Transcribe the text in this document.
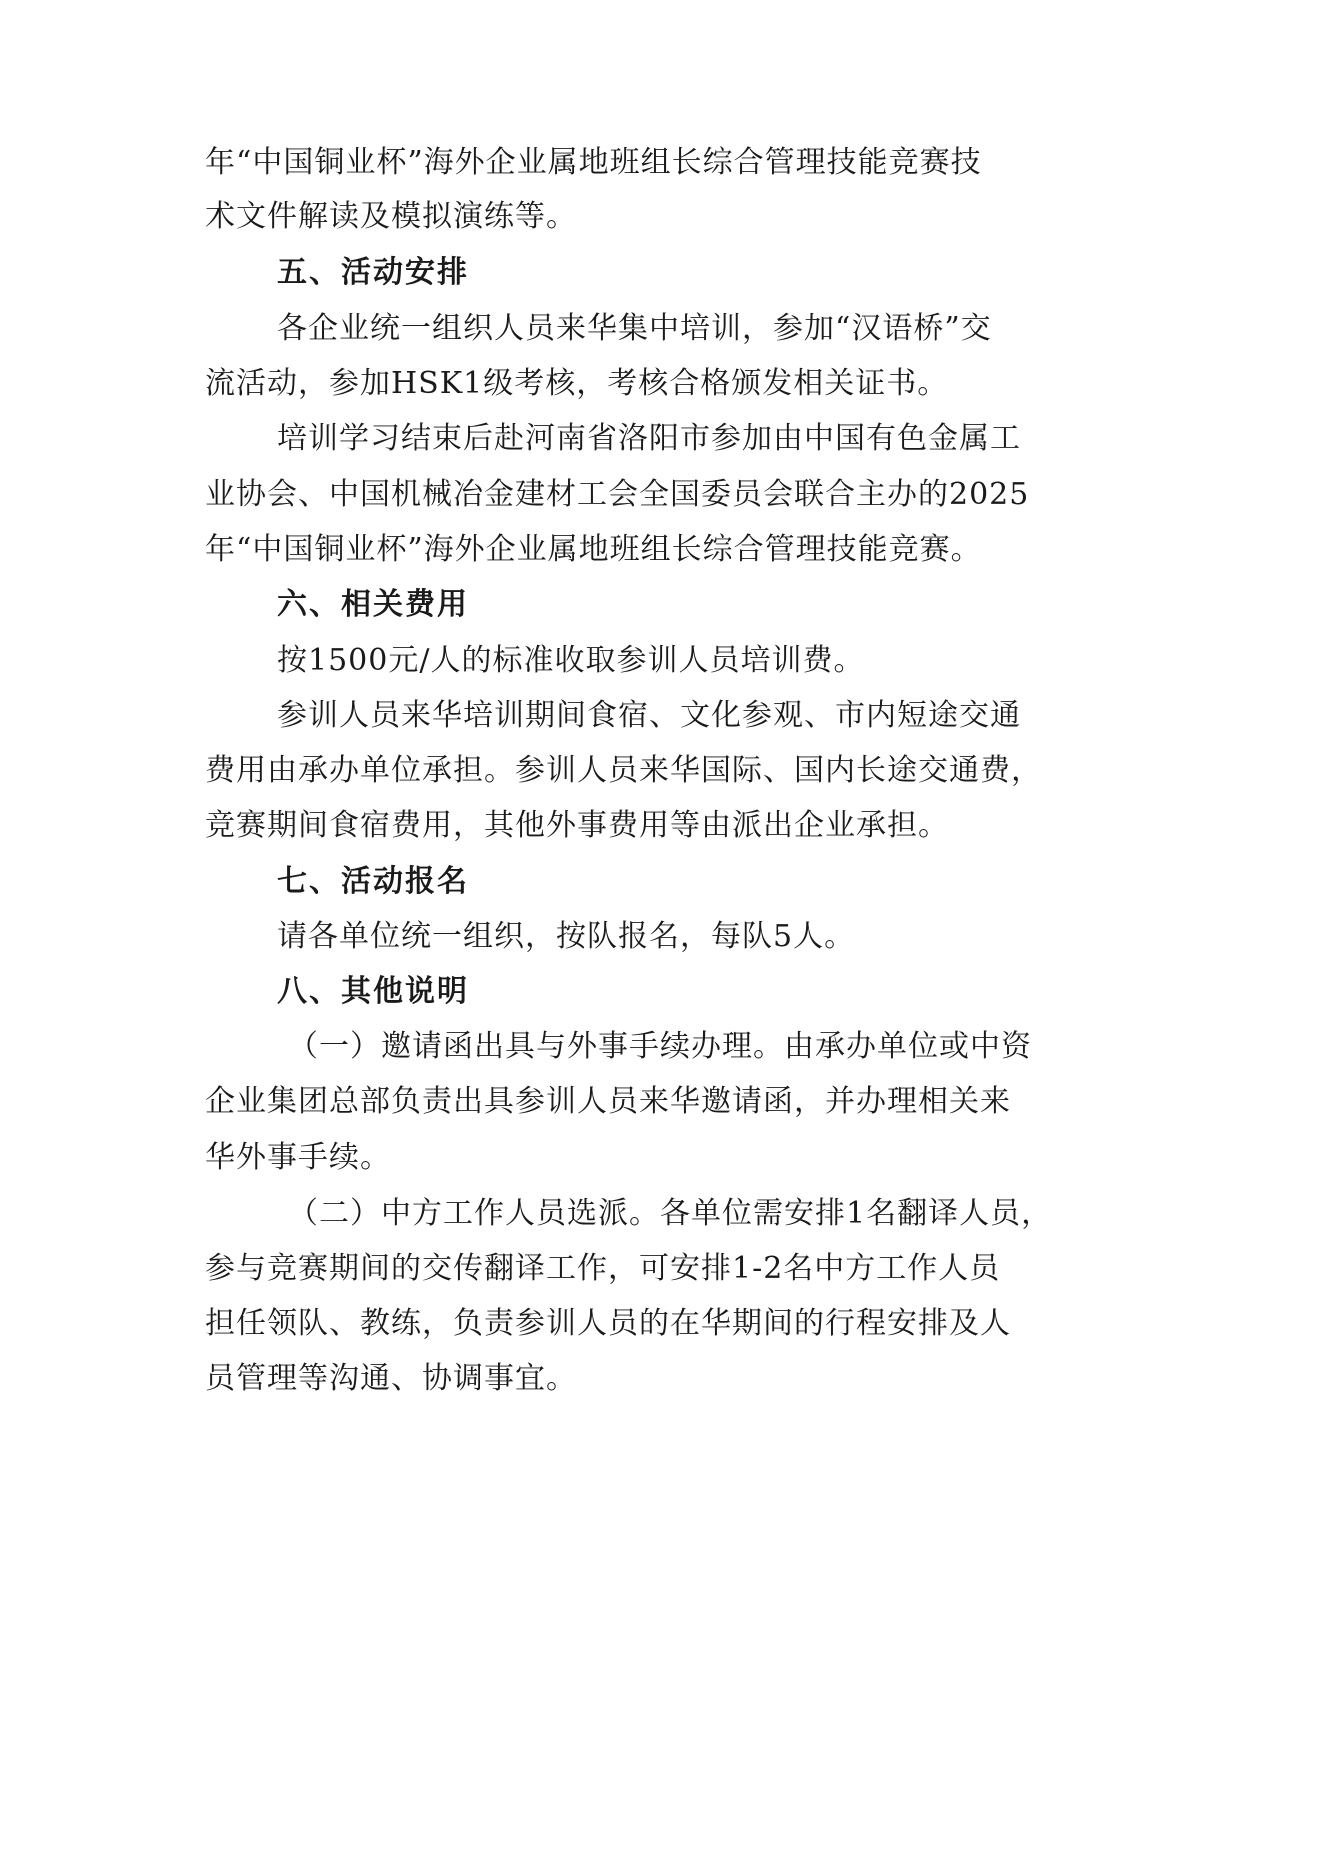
年“中国铜业杯”海外企业属地班组长综合管理技能竞赛技
术文件解读及模拟演练等。
五、活动安排
各企业统一组织人员来华集中培训，参加“汉语桥”交
流活动，参加HSK1级考核，考核合格颁发相关证书。
培训学习结束后赴河南省洛阳市参加由中国有色金属工
业协会、中国机械冶金建材工会全国委员会联合主办的2025
年“中国铜业杯”海外企业属地班组长综合管理技能竞赛。
六、相关费用
按1500元/人的标准收取参训人员培训费。
参训人员来华培训期间食宿、文化参观、市内短途交通
费用由承办单位承担。参训人员来华国际、国内长途交通费，
竞赛期间食宿费用，其他外事费用等由派出企业承担。
七、活动报名
请各单位统一组织，按队报名，每队5人。
八、其他说明
（一）邀请函出具与外事手续办理。由承办单位或中资
企业集团总部负责出具参训人员来华邀请函，并办理相关来
华外事手续。
（二）中方工作人员选派。各单位需安排1名翻译人员，
参与竞赛期间的交传翻译工作，可安排1-2名中方工作人员
担任领队、教练，负责参训人员的在华期间的行程安排及人
员管理等沟通、协调事宜。
